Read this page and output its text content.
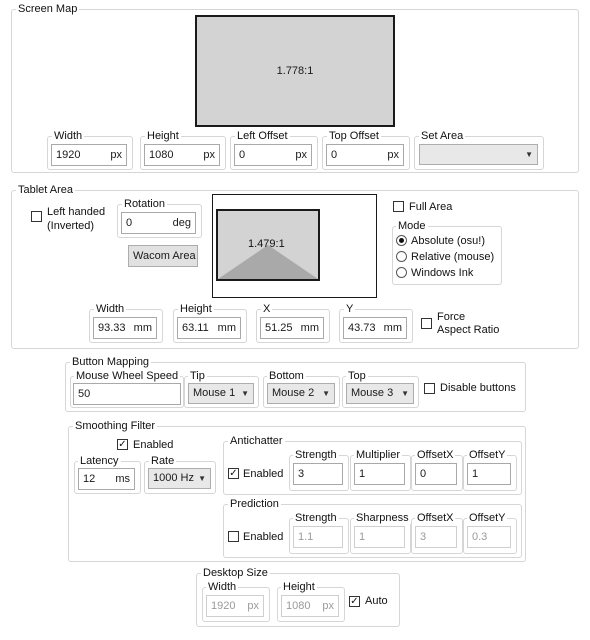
Screen Map
1.778:1
Width
1920	px
Height
1080	px
Left Offset
0	px
Top Offset
0	px
Set Area
▼
Tablet Area
Left handed
(Inverted)
Rotation
0	deg
Wacom Area
1.479:1
Full Area
Mode
Absolute (osu!)
Relative (mouse)
Windows Ink
Width
93.33 mm
Height
63.11 mm
X
51.25 mm
Y
43.73 mm
Force
Aspect Ratio
Button Mapping
Mouse Wheel Speed
50
Tip
Mouse 1 ▼
Bottom
Mouse 2 ▼
Top
Mouse 3 ▼	Disable buttons
Smoothing Filter
✓ Enabled
Latency
12 ms
Rate
1000 Hz ▼
Antichatter
✓ Enabled
Strength
3
Multiplier
1
OffsetX
0
OffsetY
1
Prediction
Enabled
Strength
1.1
Sharpness
1
OffsetX
3
OffsetY
0.3
Desktop Size
Width
1920 px
Height
1080 px ✓ Auto
